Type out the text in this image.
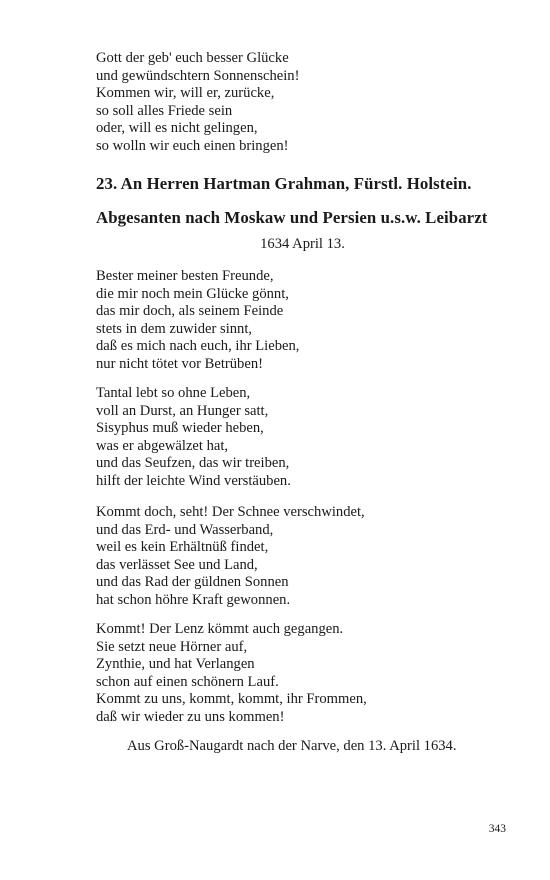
Gott der geb' euch besser Glücke
und gewündschtern Sonnenschein!
Kommen wir, will er, zurücke,
so soll alles Friede sein
oder, will es nicht gelingen,
so wolln wir euch einen bringen!
23. An Herren Hartman Grahman, Fürstl. Holstein.
Abgesanten nach Moskaw und Persien u.s.w. Leibarzt
1634 April 13.
Bester meiner besten Freunde,
die mir noch mein Glücke gönnt,
das mir doch, als seinem Feinde
stets in dem zuwider sinnt,
daß es mich nach euch, ihr Lieben,
nur nicht tötet vor Betrüben!
Tantal lebt so ohne Leben,
voll an Durst, an Hunger satt,
Sisyphus muß wieder heben,
was er abgewälzet hat,
und das Seufzen, das wir treiben,
hilft der leichte Wind verstäuben.
Kommt doch, seht! Der Schnee verschwindet,
und das Erd- und Wasserband,
weil es kein Erhältnüß findet,
das verlässet See und Land,
und das Rad der güldnen Sonnen
hat schon höhre Kraft gewonnen.
Kommt! Der Lenz kömmt auch gegangen.
Sie setzt neue Hörner auf,
Zynthie, und hat Verlangen
schon auf einen schönern Lauf.
Kommt zu uns, kommt, kommt, ihr Frommen,
daß wir wieder zu uns kommen!
Aus Groß-Naugardt nach der Narve, den 13. April 1634.
343
